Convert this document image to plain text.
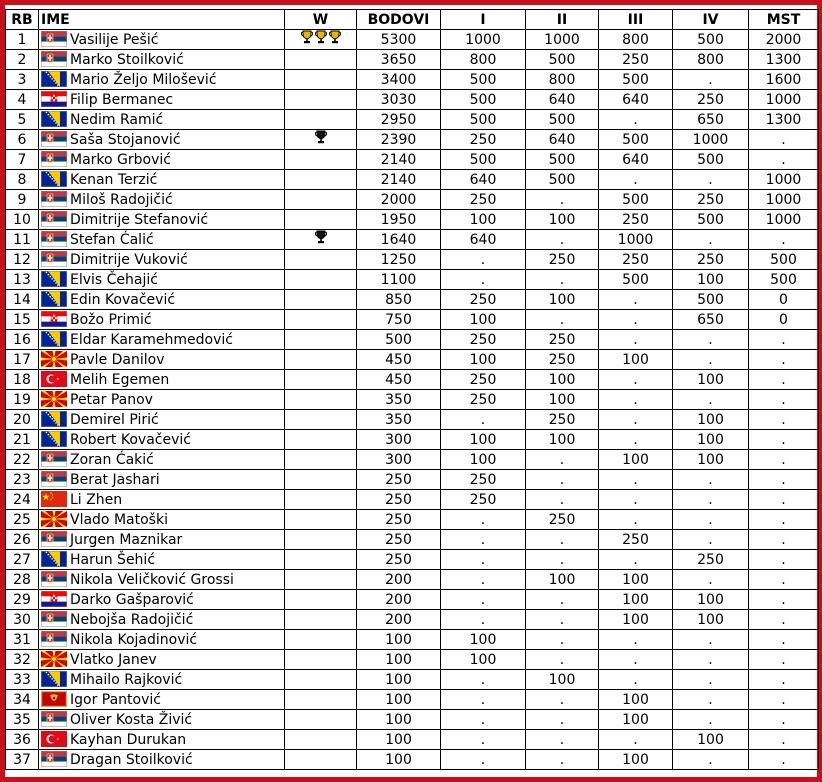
RB	IME	W	BODOVI	I	II	III	IV	MST
1	Vasilije Pešić		5300	1000	1000	800	500	2000
2	Marko Stoilković		3650	800	500	250	800	1300
3	Mario Željo Milošević		3400	500	800	500	.	1600
4	Filip Bermanec		3030	500	640	640	250	1000
5	Nedim Ramić		2950	500	500	.	650	1300
6	Saša Stojanović		2390	250	640	500	1000	.
7	Marko Grbović		2140	500	500	640	500	.
8	Kenan Terzić		2140	640	500	.	.	1000
9	Miloš Radojičić		2000	250	.	500	250	1000
10	Dimitrije Stefanović		1950	100	100	250	500	1000
11	Stefan Ćalić		1640	640	.	1000	.	.
12	Dimitrije Vuković		1250	.	250	250	250	500
13	Elvis Čehajić		1100	.	.	500	100	500
14	Edin Kovačević		850	250	100	.	500	0
15	Božo Primić		750	100	.	.	650	0
16	Eldar Karamehmedović		500	250	250	.	.	.
17	Pavle Danilov		450	100	250	100	.	.
18	Melih Egemen		450	250	100	.	100	.
19	Petar Panov		350	250	100	.	.	.
20	Demirel Pirić		350	.	250	.	100	.
21	Robert Kovačević		300	100	100	.	100	.
22	Zoran Ćakić		300	100	.	100	100	.
23	Berat Jashari		250	250	.	.	.	.
24	Li Zhen		250	250	.	.	.	.
25	Vlado Matoški		250	.	250	.	.	.
26	Jurgen Maznikar		250	.	.	250	.	.
27	Harun Šehić		250	.	.	.	250	.
28	Nikola Veličković Grossi		200	.	100	100	.	.
29	Darko Gašparović		200	.	.	100	100	.
30	Nebojša Radojičić		200	.	.	100	100	.
31	Nikola Kojadinović		100	100	.	.	.	.
32	Vlatko Janev		100	100	.	.	.	.
33	Mihailo Rajković		100	.	100	.	.	.
34	Igor Pantović		100	.	.	100	.	.
35	Oliver Kosta Živić		100	.	.	100	.	.
36	Kayhan Durukan		100	.	.	.	100	.
37	Dragan Stoilković		100	.	.	100	.	.
